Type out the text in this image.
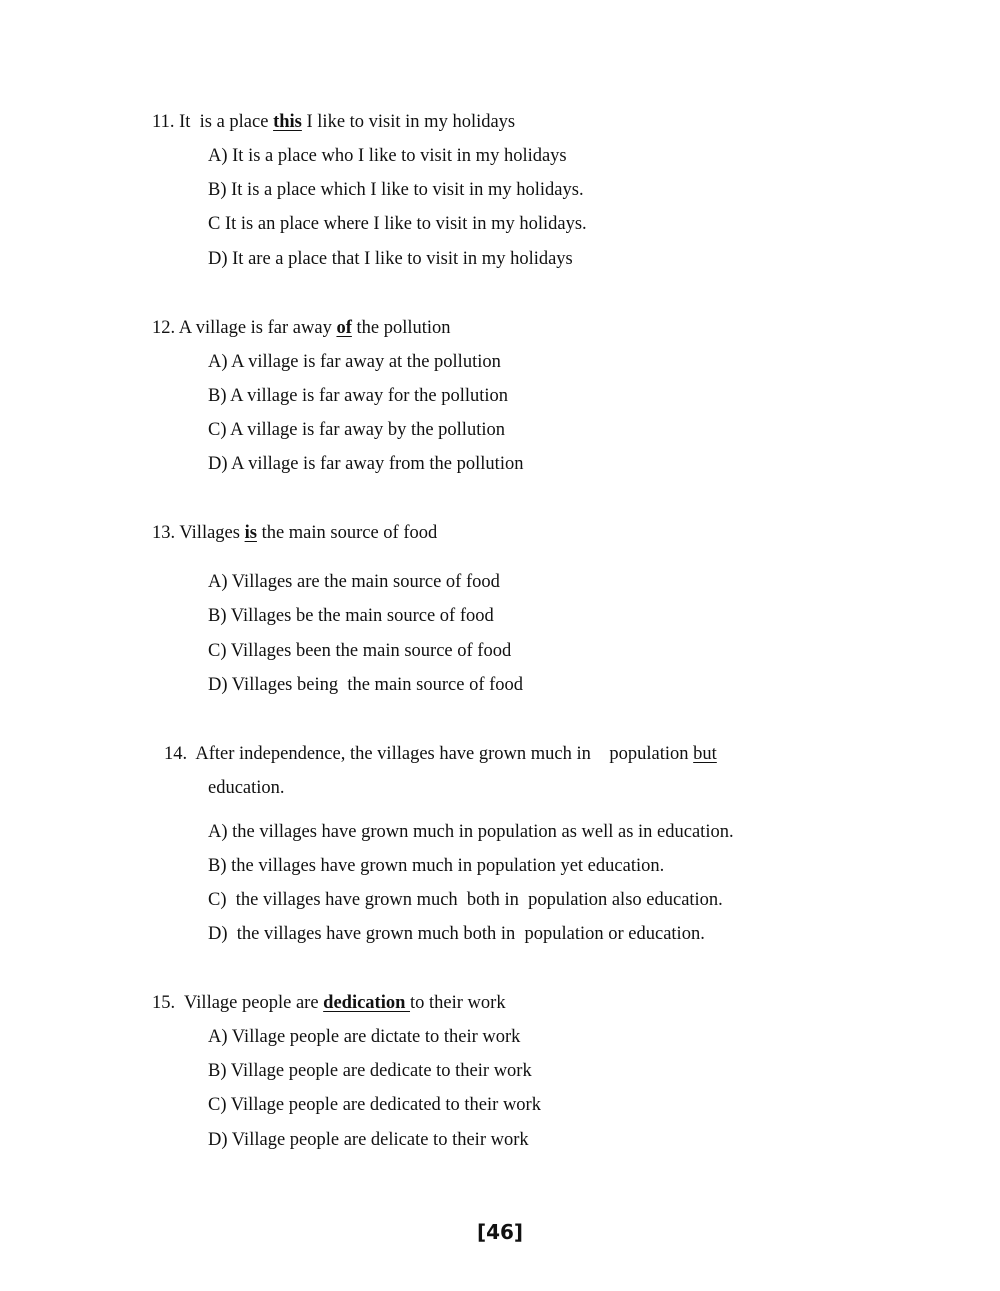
11. It  is a place this I like to visit in my holidays
A) It is a place who I like to visit in my holidays
B) It is a place which I like to visit in my holidays.
C It is an place where I like to visit in my holidays.
D) It are a place that I like to visit in my holidays
12. A village is far away of the pollution
A) A village is far away at the pollution
B) A village is far away for the pollution
C) A village is far away by the pollution
D) A village is far away from the pollution
13. Villages is the main source of food
A) Villages are the main source of food
B) Villages be the main source of food
C) Villages been the main source of food
D) Villages being  the main source of food
14.  After independence, the villages have grown much in    population but
education.
A) the villages have grown much in population as well as in education.
B) the villages have grown much in population yet education.
C)  the villages have grown much  both in  population also education.
D)  the villages have grown much both in  population or education.
15.  Village people are dedication to their work
A) Village people are dictate to their work
B) Village people are dedicate to their work
C) Village people are dedicated to their work
D) Village people are delicate to their work
[46]
